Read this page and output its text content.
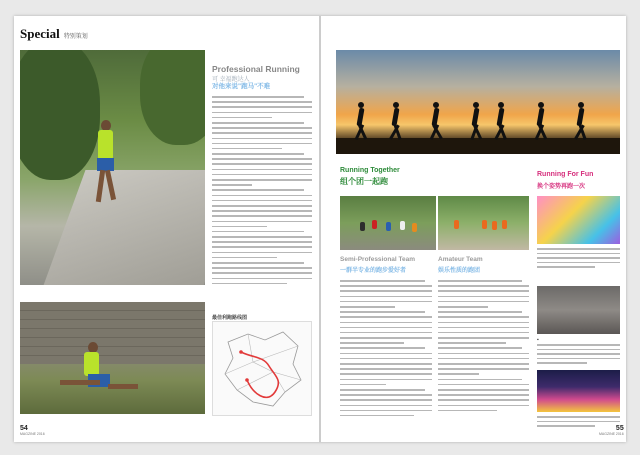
Special 特别策划
Professional Running
可 幸福跑达人
对他来说"跑马"不难
最佳利跑路线图
54
MAGZINE 2016
Running Together
组个团一起跑
Running For Fun
换个姿势再跑一次
Semi-Professional Team
一群半专业的跑步爱好者
Amateur Team
娱乐性质的跑团
▪
55
MAGZINE 2016
